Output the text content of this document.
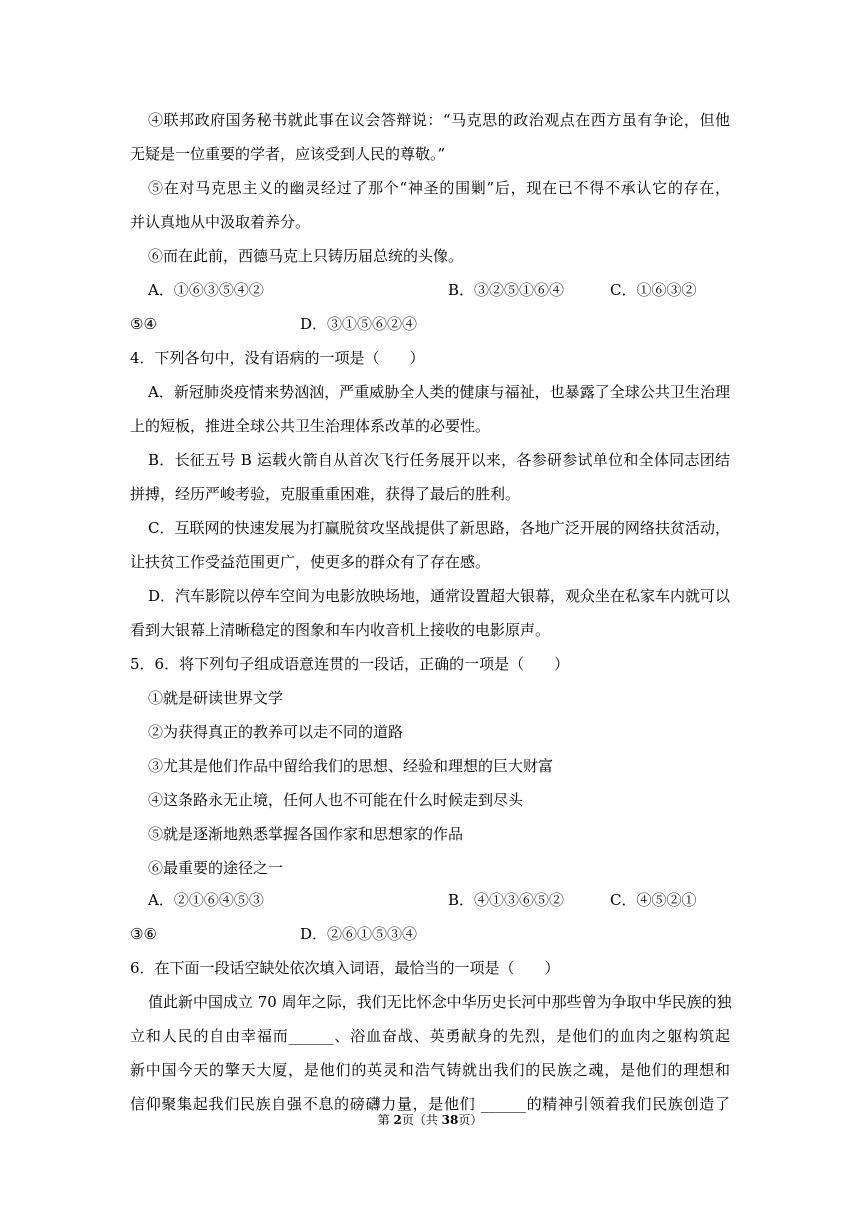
④联邦政府国务秘书就此事在议会答辩说：“马克思的政治观点在西方虽有争论，但他
无疑是一位重要的学者，应该受到人民的尊敬。”
⑤在对马克思主义的幽灵经过了那个“神圣的围剿”后，现在已不得不承认它的存在，
并认真地从中汲取着养分。
⑥而在此前，西德马克上只铸历届总统的头像。
A．①⑥③⑤④②	B．③②⑤①⑥④	C．①⑥③②
⑤④	D．③①⑤⑥②④
4．下列各句中，没有语病的一项是（　　）
A．新冠肺炎疫情来势汹汹，严重威胁全人类的健康与福祉，也暴露了全球公共卫生治理
上的短板，推进全球公共卫生治理体系改革的必要性。
B．长征五号 B 运载火箭自从首次飞行任务展开以来，各参研参试单位和全体同志团结
拼搏，经历严峻考验，克服重重困难，获得了最后的胜利。
C．互联网的快速发展为打赢脱贫攻坚战提供了新思路，各地广泛开展的网络扶贫活动，
让扶贫工作受益范围更广，使更多的群众有了存在感。
D．汽车影院以停车空间为电影放映场地，通常设置超大银幕，观众坐在私家车内就可以
看到大银幕上清晰稳定的图象和车内收音机上接收的电影原声。
5．6．将下列句子组成语意连贯的一段话，正确的一项是（　　）
①就是研读世界文学
②为获得真正的教养可以走不同的道路
③尤其是他们作品中留给我们的思想、经验和理想的巨大财富
④这条路永无止境，任何人也不可能在什么时候走到尽头
⑤就是逐渐地熟悉掌握各国作家和思想家的作品
⑥最重要的途径之一
A．②①⑥④⑤③	B．④①③⑥⑤②	C．④⑤②①
③⑥	D．②⑥①⑤③④
6．在下面一段话空缺处依次填入词语，最恰当的一项是（　　）
值此新中国成立 70 周年之际，我们无比怀念中华历史长河中那些曾为争取中华民族的独
立和人民的自由幸福而______、浴血奋战、英勇献身的先烈，是他们的血肉之躯构筑起
新中国今天的擎天大厦，是他们的英灵和浩气铸就出我们的民族之魂，是他们的理想和
信仰聚集起我们民族自强不息的磅礴力量，是他们 ______的精神引领着我们民族创造了
第 2页（共 38页）
